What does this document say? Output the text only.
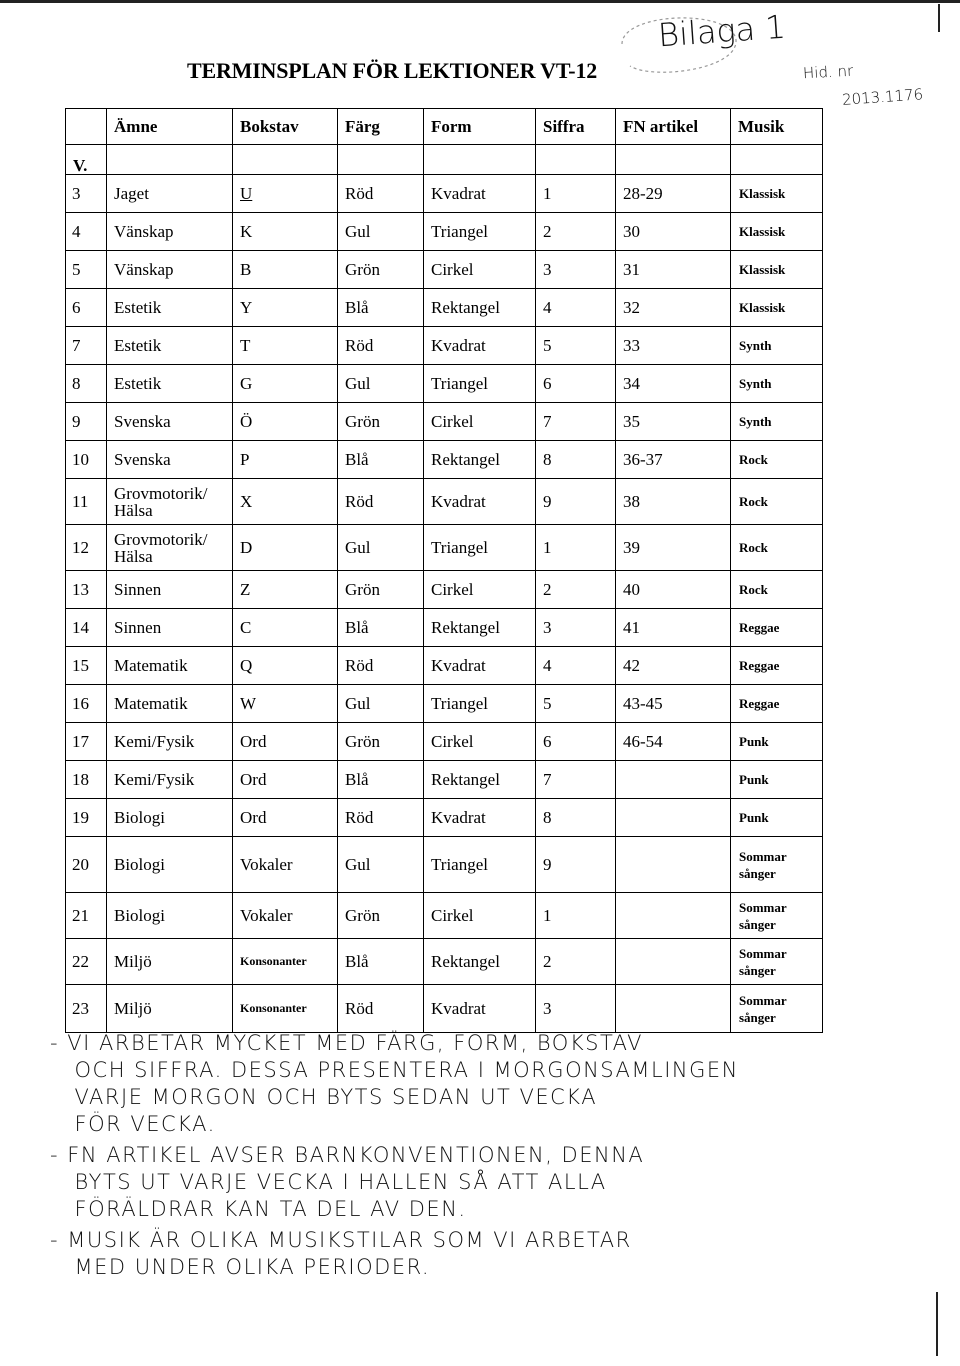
Bilaga 1
Hid. nr
2013.1176
TERMINSPLAN FÖR LEKTIONER VT-12
	Ämne	Bokstav	Färg	Form	Siffra	FN artikel	Musik
V.							
3	Jaget	U	Röd	Kvadrat	1	28-29	Klassisk
4	Vänskap	K	Gul	Triangel	2	30	Klassisk
5	Vänskap	B	Grön	Cirkel	3	31	Klassisk
6	Estetik	Y	Blå	Rektangel	4	32	Klassisk
7	Estetik	T	Röd	Kvadrat	5	33	Synth
8	Estetik	G	Gul	Triangel	6	34	Synth
9	Svenska	Ö	Grön	Cirkel	7	35	Synth
10	Svenska	P	Blå	Rektangel	8	36-37	Rock
11	Grovmotorik/ Hälsa	X	Röd	Kvadrat	9	38	Rock
12	Grovmotorik/ Hälsa	D	Gul	Triangel	1	39	Rock
13	Sinnen	Z	Grön	Cirkel	2	40	Rock
14	Sinnen	C	Blå	Rektangel	3	41	Reggae
15	Matematik	Q	Röd	Kvadrat	4	42	Reggae
16	Matematik	W	Gul	Triangel	5	43-45	Reggae
17	Kemi/Fysik	Ord	Grön	Cirkel	6	46-54	Punk
18	Kemi/Fysik	Ord	Blå	Rektangel	7		Punk
19	Biologi	Ord	Röd	Kvadrat	8		Punk
20	Biologi	Vokaler	Gul	Triangel	9		Sommar sånger
21	Biologi	Vokaler	Grön	Cirkel	1		Sommar sånger
22	Miljö	Konsonanter	Blå	Rektangel	2		Sommar sånger
23	Miljö	Konsonanter	Röd	Kvadrat	3		Sommar sånger
- VI ARBETAR MYCKET MED FÄRG, FORM, BOKSTAV
OCH SIFFRA. DESSA PRESENTERA I MORGONSAMLINGEN
VARJE MORGON OCH BYTS SEDAN UT VECKA
FÖR VECKA.
- FN ARTIKEL AVSER BARNKONVENTIONEN, DENNA
BYTS UT VARJE VECKA I HALLEN SÅ ATT ALLA
FÖRÄLDRAR KAN TA DEL AV DEN.
- MUSIK ÄR OLIKA MUSIKSTILAR SOM VI ARBETAR
MED UNDER OLIKA PERIODER.
